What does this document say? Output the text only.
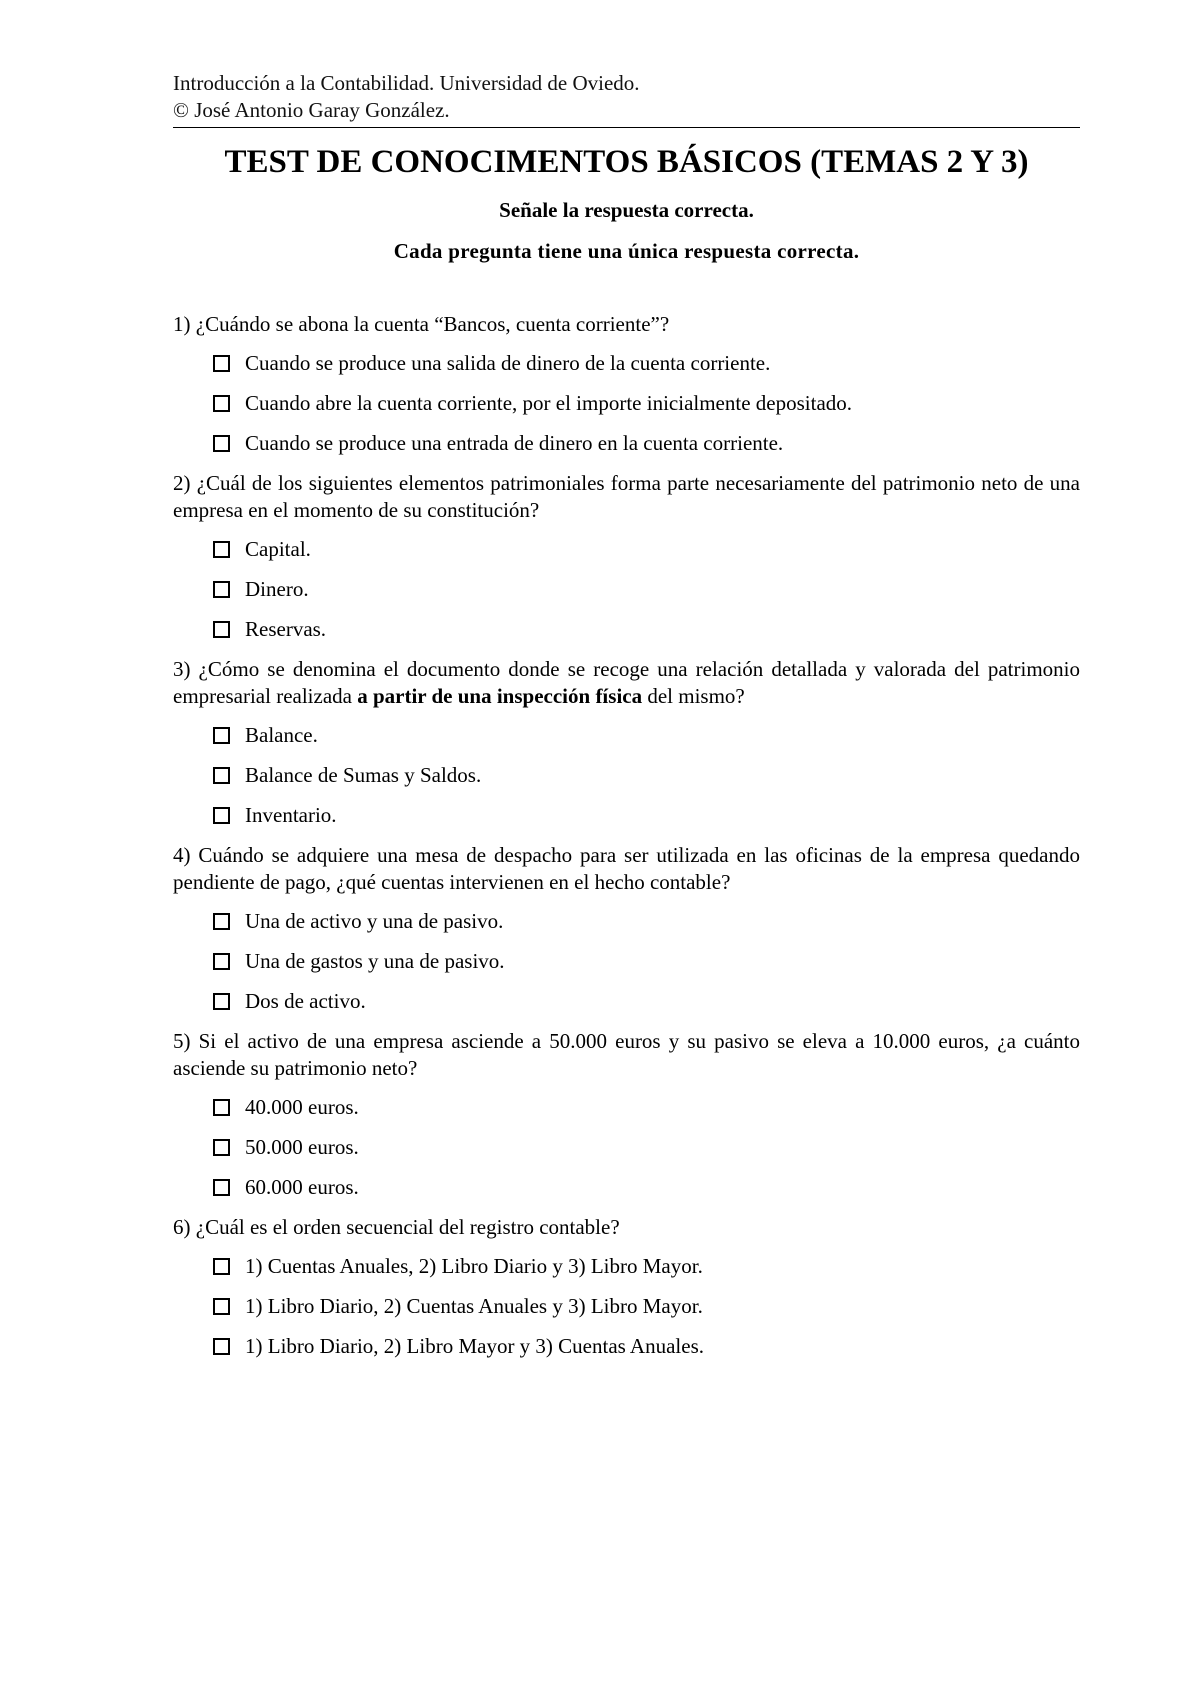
Introducción a la Contabilidad. Universidad de Oviedo.
© José Antonio Garay González.
TEST DE CONOCIMENTOS BÁSICOS (TEMAS 2 Y 3)
Señale la respuesta correcta.
Cada pregunta tiene una única respuesta correcta.

1) ¿Cuándo se abona la cuenta “Bancos, cuenta corriente”?

Cuando se produce una salida de dinero de la cuenta corriente.
Cuando abre la cuenta corriente, por el importe inicialmente depositado.
Cuando se produce una entrada de dinero en la cuenta corriente.

2) ¿Cuál de los siguientes elementos patrimoniales forma parte necesariamente del patrimonio neto de una empresa en el momento de su constitución?

Capital.
Dinero.
Reservas.

3) ¿Cómo se denomina el documento donde se recoge una relación detallada y valorada del patrimonio empresarial realizada a partir de una inspección física del mismo?

Balance.
Balance de Sumas y Saldos.
Inventario.

4) Cuándo se adquiere una mesa de despacho para ser utilizada en las oficinas de la empresa quedando pendiente de pago, ¿qué cuentas intervienen en el hecho contable?

Una de activo y una de pasivo.
Una de gastos y una de pasivo.
Dos de activo.

5) Si el activo de una empresa asciende a 50.000 euros y su pasivo se eleva a 10.000 euros, ¿a cuánto asciende su patrimonio neto?

40.000 euros.
50.000 euros.
60.000 euros.

6) ¿Cuál es el orden secuencial del registro contable?

1) Cuentas Anuales, 2) Libro Diario y 3) Libro Mayor.
1) Libro Diario, 2) Cuentas Anuales y 3) Libro Mayor.
1) Libro Diario, 2) Libro Mayor y 3) Cuentas Anuales.
